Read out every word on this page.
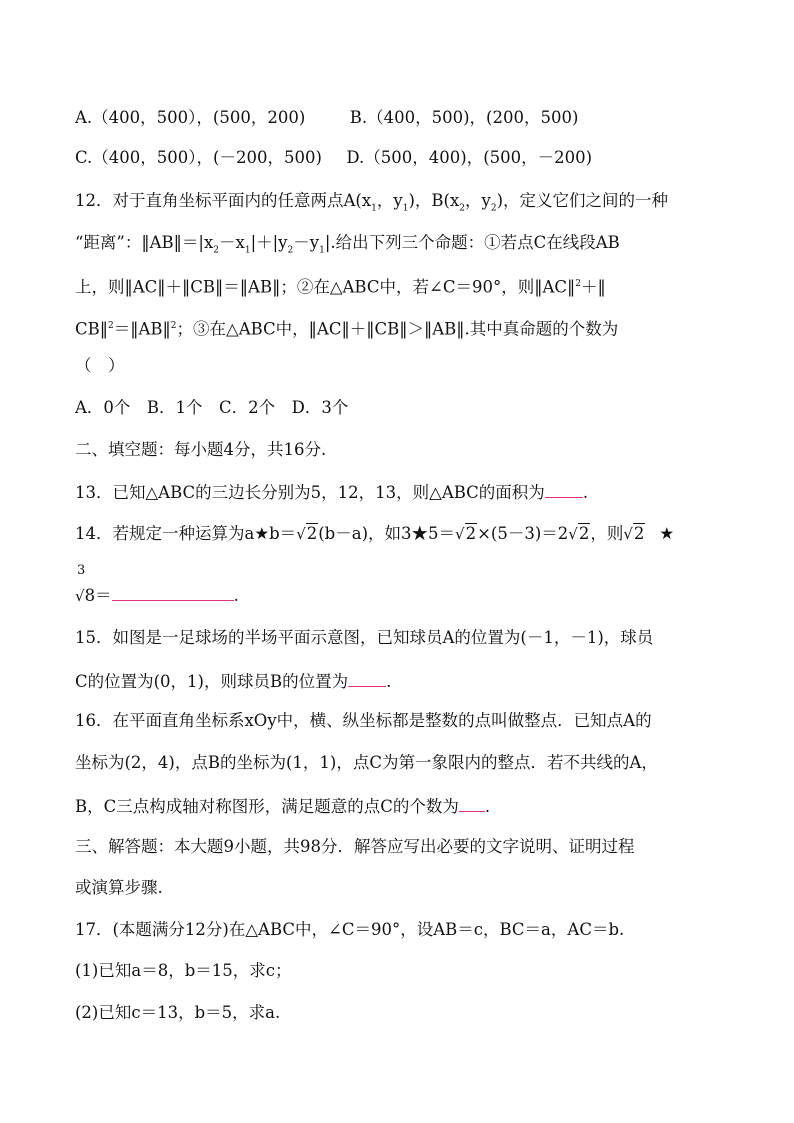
A.（400，500），(500，200)	B.（400，500)，(200，500)
C.（400，500），(－200，500) D.（500，400)，(500，－200)
12．对于直角坐标平面内的任意两点$A(x_1$，$y_1$)，$B(x_2$，$y_2$)，定义它们之间的一种
“距离”：$‖AB‖=|x_2-x_1|+|y_2-y_1|$.给出下列三个命题：①若点C在线段AB
上，则‖AC‖＋‖CB‖＝‖AB‖；②在△ABC中，若∠C＝90°，则‖AC‖$^2$＋‖
CB‖$^2$＝‖AB‖$^2$；③在△ABC中，‖AC‖＋‖CB‖＞‖AB‖.其中真命题的个数为
（　）
A．0个　B．1个　C．2个　D．3个
二、填空题：每小题4分，共16分.
13．已知△ABC的三边长分别为5，12，13，则△ABC的面积为 .
14．若规定一种运算为a★b＝√2(b－a)，如3★5＝√2×(5－3)＝2√2，则√2 ★
3
√8＝	.
15．如图是一足球场的半场平面示意图，已知球员A的位置为(－1，－1)，球员
C的位置为(0，1)，则球员B的位置为 .
16．在平面直角坐标系xOy中，横、纵坐标都是整数的点叫做整点．已知点A的
坐标为(2，4)，点B的坐标为(1，1)，点C为第一象限内的整点．若不共线的A，
B，C三点构成轴对称图形，满足题意的点C的个数为 .
三、解答题：本大题9小题，共98分．解答应写出必要的文字说明、证明过程
或演算步骤.
17．(本题满分12分)在△ABC中，∠C＝90°，设AB＝c，BC＝a，AC＝b.
(1)已知a＝8，b＝15，求c；
(2)已知c＝13，b＝5，求a.
